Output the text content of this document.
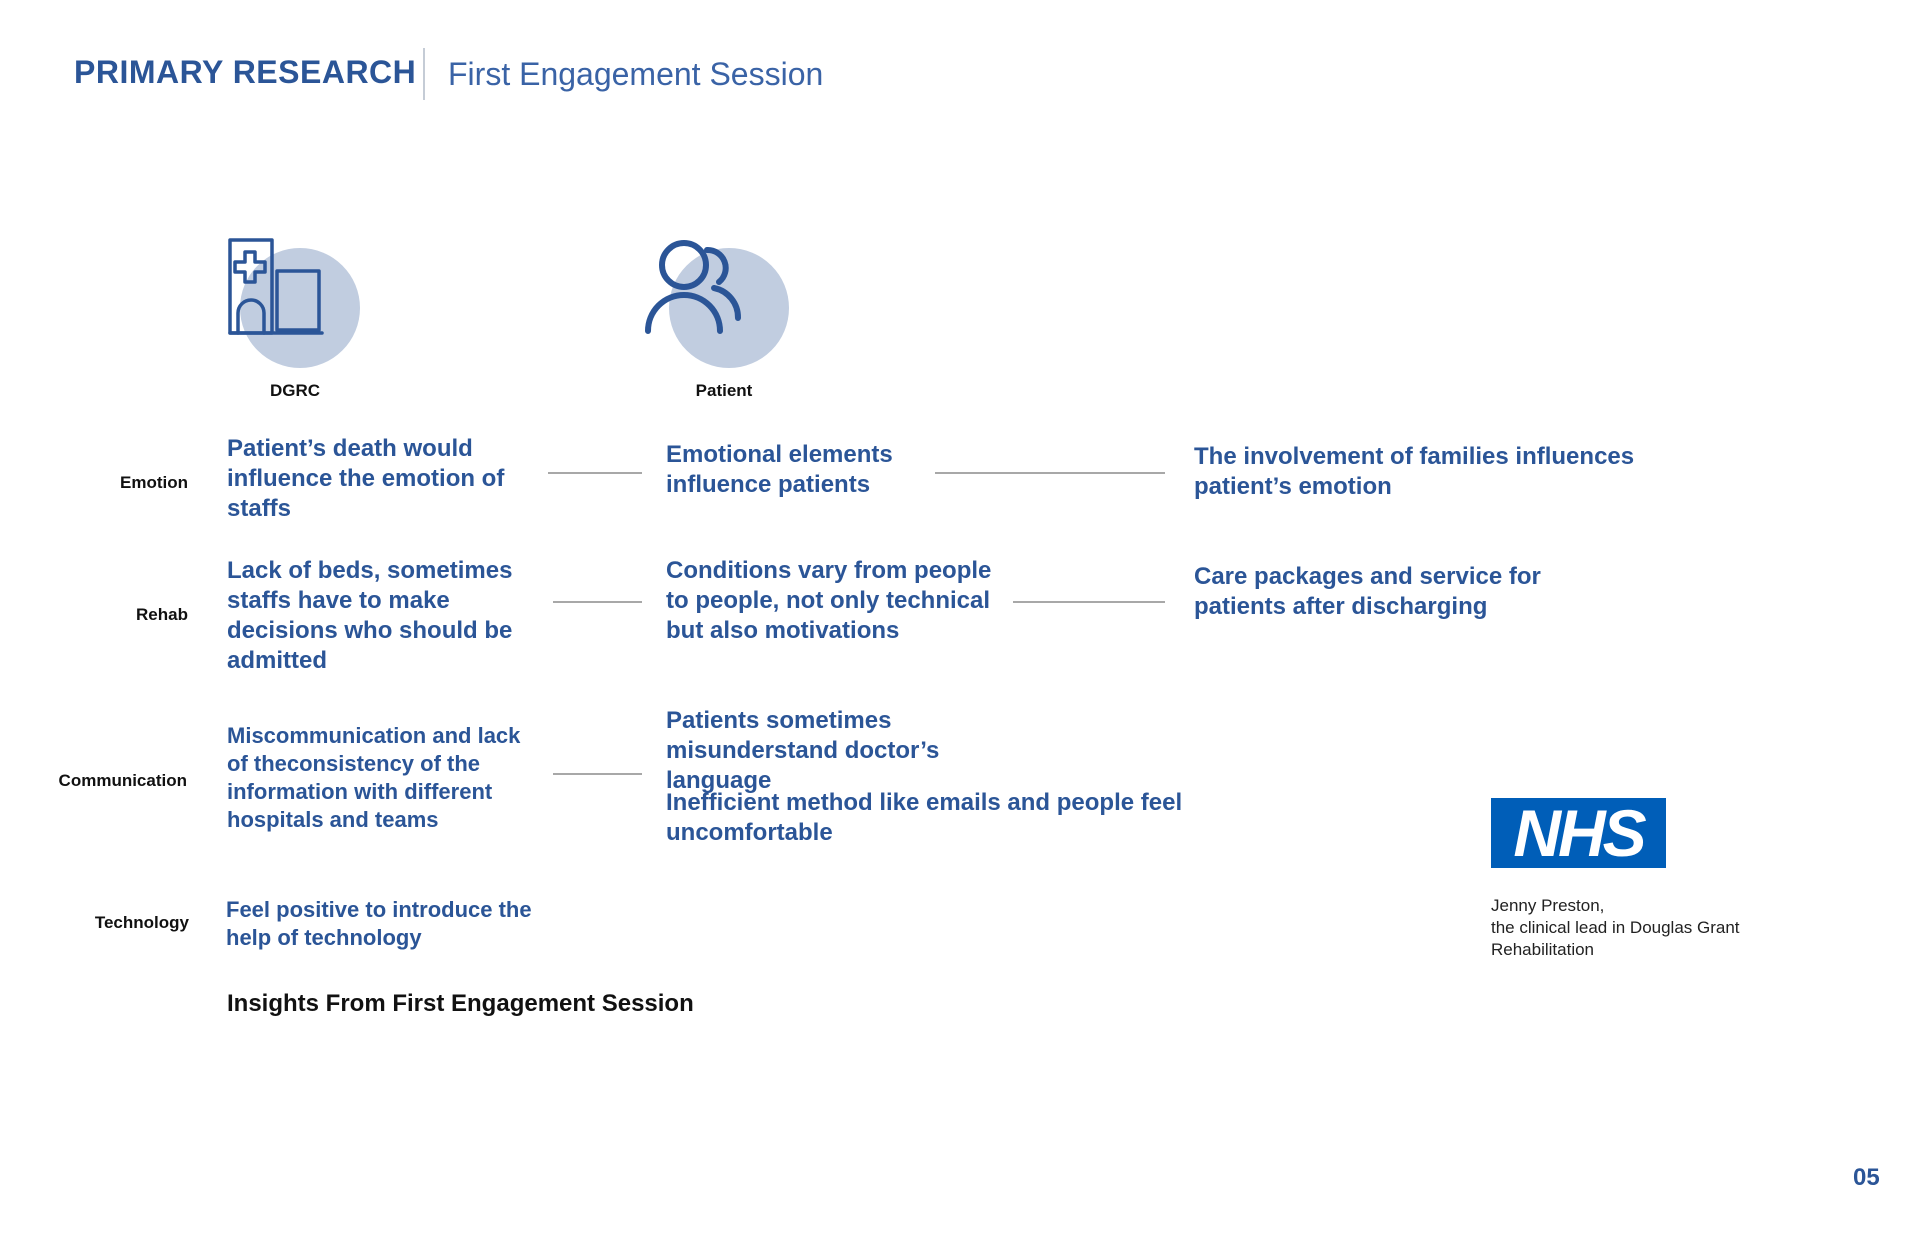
PRIMARY RESEARCH First Engagement Session
DGRC	Patient
Emotion
Rehab
Communication
Technology
Patient’s death would influence the emotion of staffs
Emotional elements influence patients
The involvement of families influences patient’s emotion
Lack of beds, sometimes staffs have to make decisions who should be admitted
Conditions vary from people to people, not only technical but also motivations
Care packages and service for patients after discharging
Miscommunication and lack of theconsistency of the information with different hospitals and teams
Patients sometimes misunderstand doctor’s language
Inefficient method like emails and people feel uncomfortable
Feel positive to introduce the help of technology
Insights From First Engagement Session
NHS
Jenny Preston,
the clinical lead in Douglas Grant
Rehabilitation
05
